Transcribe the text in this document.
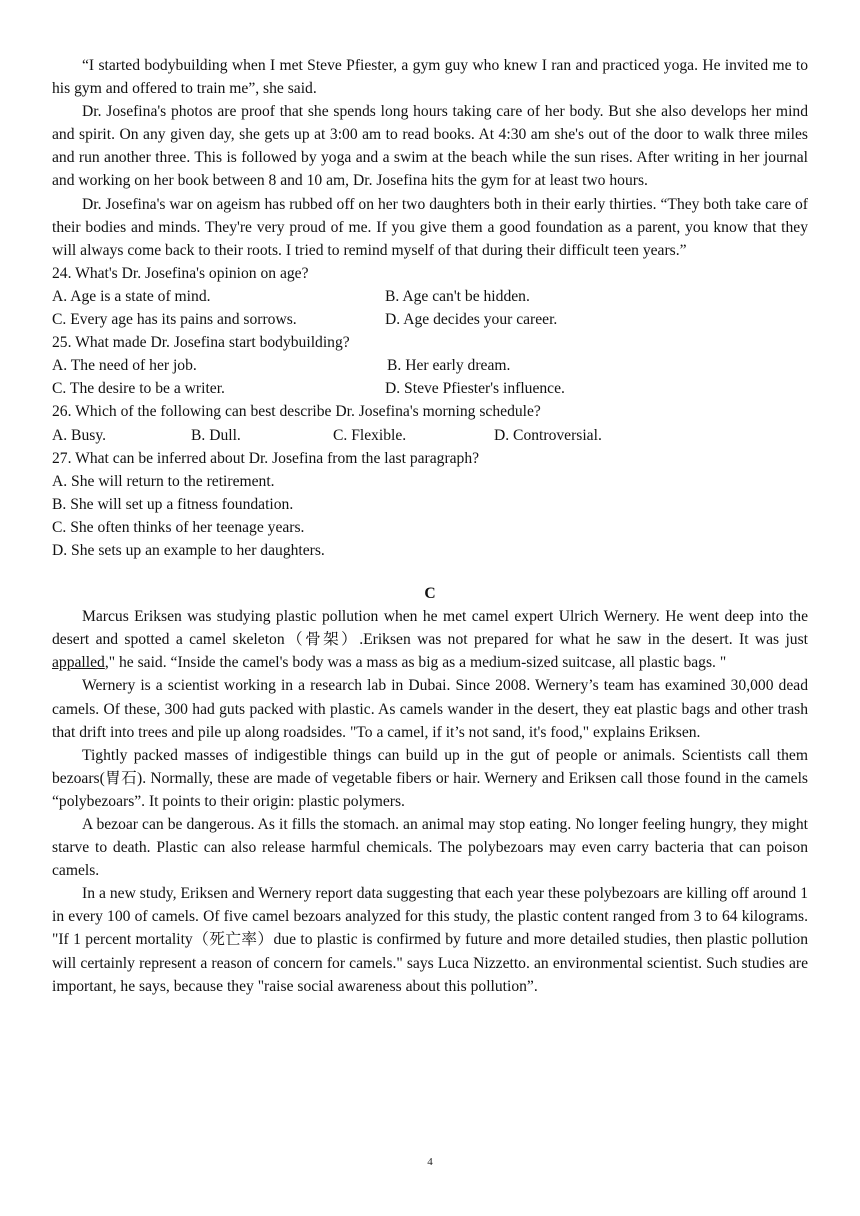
“I started bodybuilding when I met Steve Pfiester, a gym guy who knew I ran and practiced yoga. He invited me to his gym and offered to train me”, she said.

Dr. Josefina's photos are proof that she spends long hours taking care of her body. But she also develops her mind and spirit. On any given day, she gets up at 3:00 am to read books. At 4:30 am she's out of the door to walk three miles and run another three. This is followed by yoga and a swim at the beach while the sun rises. After writing in her journal and working on her book between 8 and 10 am, Dr. Josefina hits the gym for at least two hours.

Dr. Josefina's war on ageism has rubbed off on her two daughters both in their early thirties. “They both take care of their bodies and minds. They're very proud of me. If you give them a good foundation as a parent, you know that they will always come back to their roots. I tried to remind myself of that during their difficult teen years.”

24. What's Dr. Josefina's opinion on age?

A. Age is a state of mind.	B. Age can't be hidden.
C. Every age has its pains and sorrows.	D. Age decides your career.

25. What made Dr. Josefina start bodybuilding?

A. The need of her job.	B. Her early dream.
C. The desire to be a writer.	D. Steve Pfiester's influence.

26. Which of the following can best describe Dr. Josefina's morning schedule?

A. Busy.	B. Dull.	C. Flexible.	D. Controversial.

27. What can be inferred about Dr. Josefina from the last paragraph?

A. She will return to the retirement.

B. She will set up a fitness foundation.

C. She often thinks of her teenage years.

D. She sets up an example to her daughters.

C

Marcus Eriksen was studying plastic pollution when he met camel expert Ulrich Wernery. He went deep into the desert and spotted a camel skeleton（骨架）.Eriksen was not prepared for what he saw in the desert. It was just appalled," he said. “Inside the camel's body was a mass as big as a medium-sized suitcase, all plastic bags. "

Wernery is a scientist working in a research lab in Dubai. Since 2008. Wernery’s team has examined 30,000 dead camels. Of these, 300 had guts packed with plastic. As camels wander in the desert, they eat plastic bags and other trash that drift into trees and pile up along roadsides. "To a camel, if it’s not sand, it's food," explains Eriksen.

Tightly packed masses of indigestible things can build up in the gut of people or animals. Scientists call them bezoars(胃石). Normally, these are made of vegetable fibers or hair. Wernery and Eriksen call those found in the camels “polybezoars”. It points to their origin: plastic polymers.

A bezoar can be dangerous. As it fills the stomach. an animal may stop eating. No longer feeling hungry, they might starve to death. Plastic can also release harmful chemicals. The polybezoars may even carry bacteria that can poison camels.

In a new study, Eriksen and Wernery report data suggesting that each year these polybezoars are killing off around 1 in every 100 of camels. Of five camel bezoars analyzed for this study, the plastic content ranged from 3 to 64 kilograms. "If 1 percent mortality（死亡率）due to plastic is confirmed by future and more detailed studies, then plastic pollution will certainly represent a reason of concern for camels." says Luca Nizzetto. an environmental scientist. Such studies are important, he says, because they "raise social awareness about this pollution”.

4
